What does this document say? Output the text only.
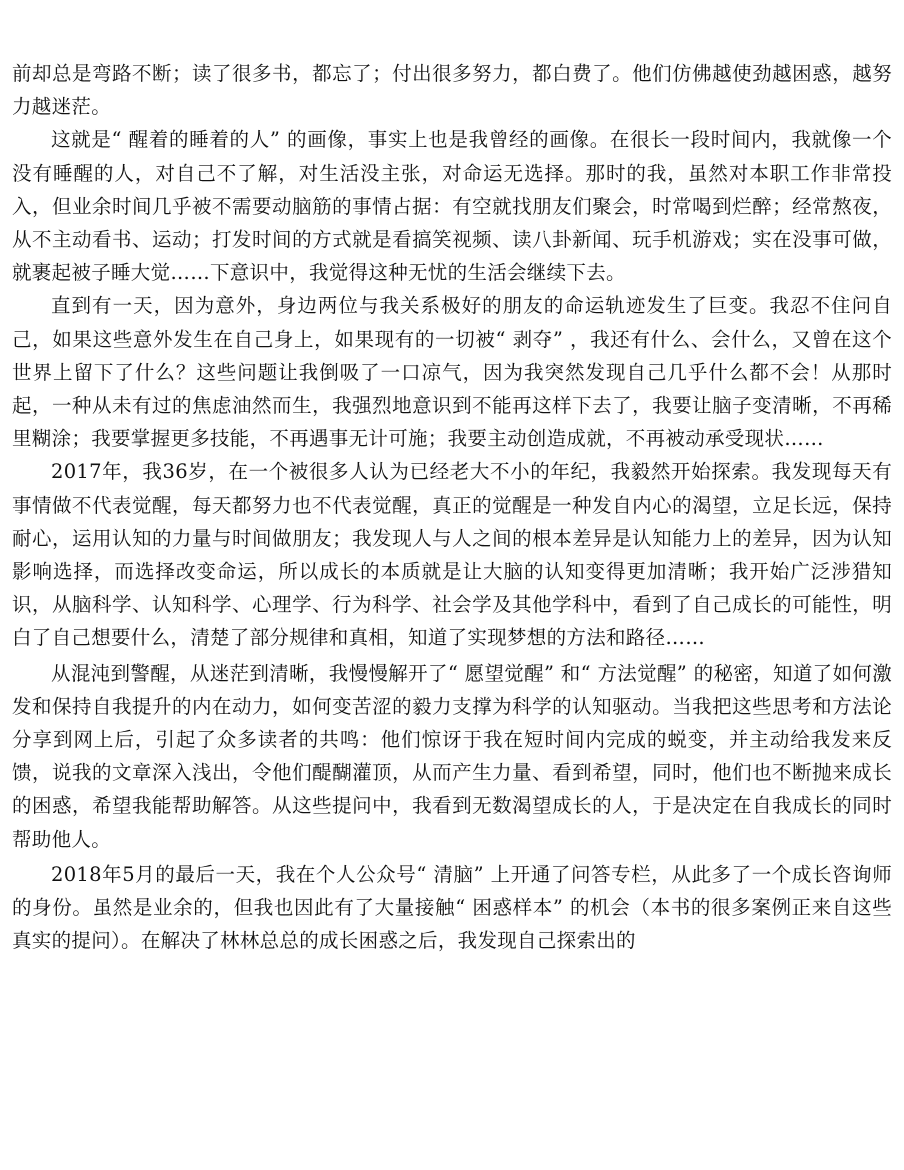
前却总是弯路不断；读了很多书，都忘了；付出很多努力，都白费了。他们仿佛越使劲越困惑，越努力越迷茫。

这就是“ 醒着的睡着的人” 的画像，事实上也是我曾经的画像。在很长一段时间内，我就像一个没有睡醒的人，对自己不了解，对生活没主张，对命运无选择。那时的我，虽然对本职工作非常投入，但业余时间几乎被不需要动脑筋的事情占据：有空就找朋友们聚会，时常喝到烂醉；经常熬夜，从不主动看书、运动；打发时间的方式就是看搞笑视频、读八卦新闻、玩手机游戏；实在没事可做，就裹起被子睡大觉……下意识中，我觉得这种无忧的生活会继续下去。

直到有一天，因为意外，身边两位与我关系极好的朋友的命运轨迹发生了巨变。我忍不住问自己，如果这些意外发生在自己身上，如果现有的一切被“ 剥夺” ，我还有什么、会什么，又曾在这个世界上留下了什么？这些问题让我倒吸了一口凉气，因为我突然发现自己几乎什么都不会！从那时起，一种从未有过的焦虑油然而生，我强烈地意识到不能再这样下去了，我要让脑子变清晰，不再稀里糊涂；我要掌握更多技能，不再遇事无计可施；我要主动创造成就，不再被动承受现状……

2017年，我36岁，在一个被很多人认为已经老大不小的年纪，我毅然开始探索。我发现每天有事情做不代表觉醒，每天都努力也不代表觉醒，真正的觉醒是一种发自内心的渴望，立足长远，保持耐心，运用认知的力量与时间做朋友；我发现人与人之间的根本差异是认知能力上的差异，因为认知影响选择，而选择改变命运，所以成长的本质就是让大脑的认知变得更加清晰；我开始广泛涉猎知识，从脑科学、认知科学、心理学、行为科学、社会学及其他学科中，看到了自己成长的可能性，明白了自己想要什么，清楚了部分规律和真相，知道了实现梦想的方法和路径……

从混沌到警醒，从迷茫到清晰，我慢慢解开了“ 愿望觉醒” 和“ 方法觉醒” 的秘密，知道了如何激发和保持自我提升的内在动力，如何变苦涩的毅力支撑为科学的认知驱动。当我把这些思考和方法论分享到网上后，引起了众多读者的共鸣：他们惊讶于我在短时间内完成的蜕变，并主动给我发来反馈，说我的文章深入浅出，令他们醍醐灌顶，从而产生力量、看到希望，同时，他们也不断抛来成长的困惑，希望我能帮助解答。从这些提问中，我看到无数渴望成长的人，于是决定在自我成长的同时帮助他人。

2018年5月的最后一天，我在个人公众号“ 清脑” 上开通了问答专栏，从此多了一个成长咨询师的身份。虽然是业余的，但我也因此有了大量接触“ 困惑样本” 的机会（本书的很多案例正来自这些真实的提问）。在解决了林林总总的成长困惑之后，我发现自己探索出的
